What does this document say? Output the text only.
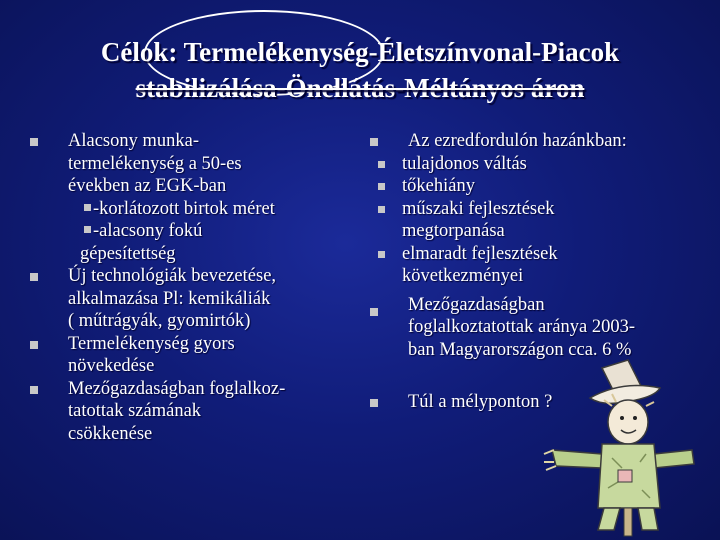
Célok: Termelékenység-Életszínvonal-Piacok
stabilizálása-Önellátás-Méltányos áron
Alacsony munka-
termelékenység a 50-es
években az EGK-ban
-korlátozott birtok méret
-alacsony fokú
gépesítettség
Új technológiák bevezetése,
alkalmazása Pl: kemikáliák
( műtrágyák, gyomirtók)
Termelékenység gyors
növekedése
Mezőgazdaságban foglalkoz-
tatottak számának
csökkenése
Az ezredfordulón hazánkban:
tulajdonos váltás
tőkehiány
műszaki fejlesztések
megtorpanása
elmaradt fejlesztések
következményei
Mezőgazdaságban
foglalkoztatottak aránya 2003-
ban Magyarországon cca. 6 %
Túl a mélyponton ?
